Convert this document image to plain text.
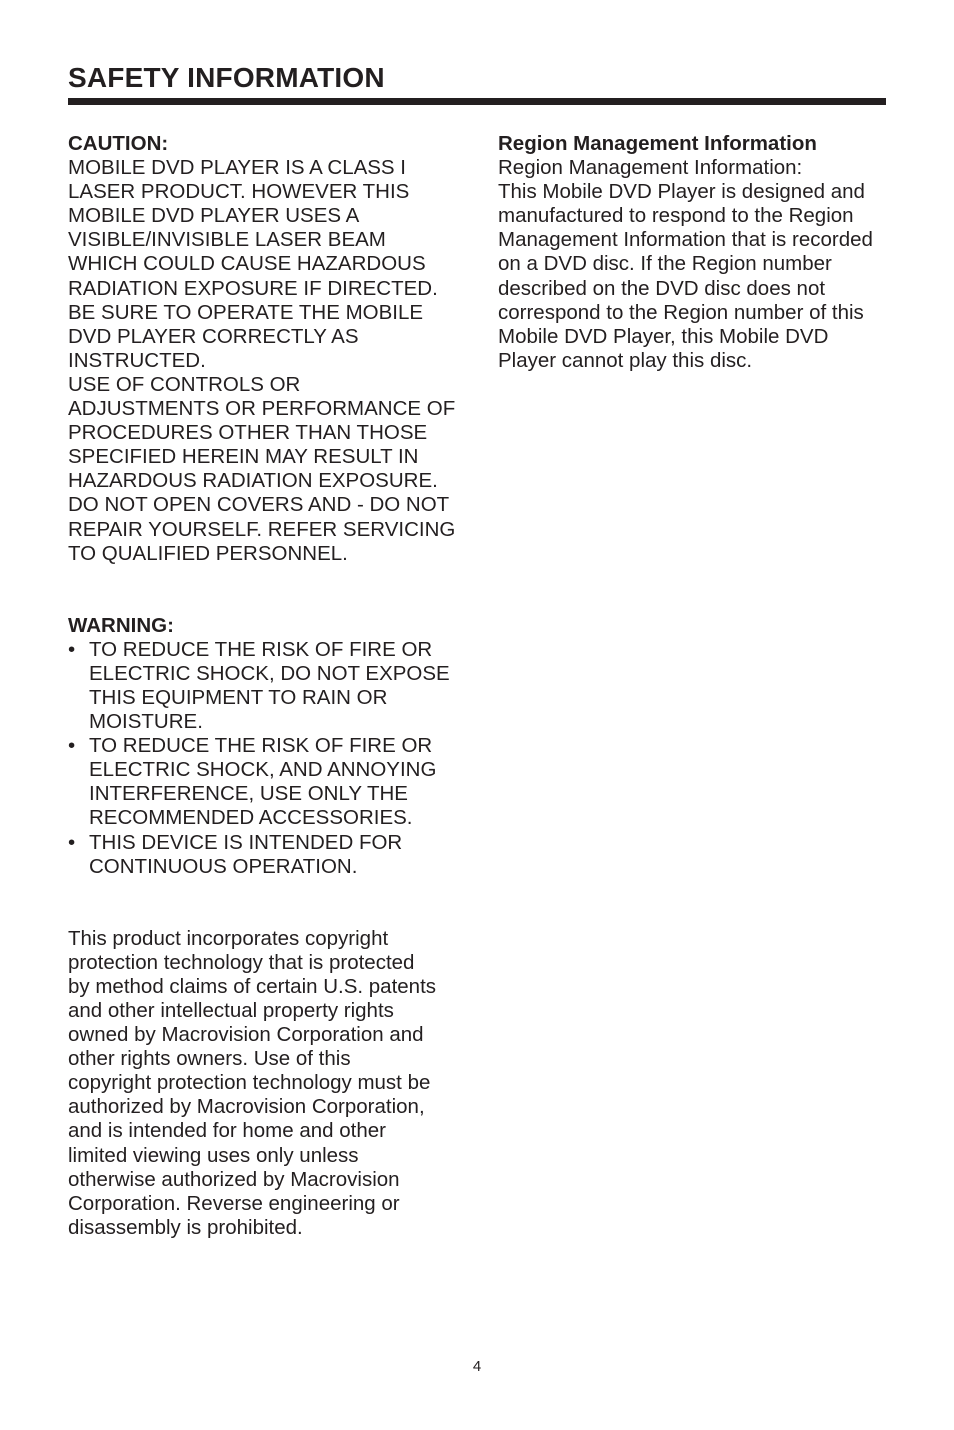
SAFETY INFORMATION
CAUTION:
MOBILE DVD PLAYER IS A CLASS I
LASER PRODUCT. HOWEVER THIS
MOBILE DVD PLAYER USES A
VISIBLE/INVISIBLE LASER BEAM
WHICH COULD CAUSE HAZARDOUS
RADIATION EXPOSURE IF DIRECTED.
BE SURE TO OPERATE THE MOBILE
DVD PLAYER CORRECTLY AS
INSTRUCTED.
USE OF CONTROLS OR
ADJUSTMENTS OR PERFORMANCE OF
PROCEDURES OTHER THAN THOSE
SPECIFIED HEREIN MAY RESULT IN
HAZARDOUS RADIATION EXPOSURE.
DO NOT OPEN COVERS AND - DO NOT
REPAIR YOURSELF. REFER SERVICING
TO QUALIFIED PERSONNEL.
WARNING:
• TO REDUCE THE RISK OF FIRE OR
ELECTRIC SHOCK, DO NOT EXPOSE
THIS EQUIPMENT TO RAIN OR
MOISTURE.
• TO REDUCE THE RISK OF FIRE OR
ELECTRIC SHOCK, AND ANNOYING
INTERFERENCE, USE ONLY THE
RECOMMENDED ACCESSORIES.
• THIS DEVICE IS INTENDED FOR
CONTINUOUS OPERATION.
This product incorporates copyright
protection technology that is protected
by method claims of certain U.S. patents
and other intellectual property rights
owned by Macrovision Corporation and
other rights owners. Use of this
copyright protection technology must be
authorized by Macrovision Corporation,
and is intended for home and other
limited viewing uses only unless
otherwise authorized by Macrovision
Corporation. Reverse engineering or
disassembly is prohibited.
Region Management Information
Region Management Information:
This Mobile DVD Player is designed and
manufactured to respond to the Region
Management Information that is recorded
on a DVD disc. If the Region number
described on the DVD disc does not
correspond to the Region number of this
Mobile DVD Player, this Mobile DVD
Player cannot play this disc.
4
